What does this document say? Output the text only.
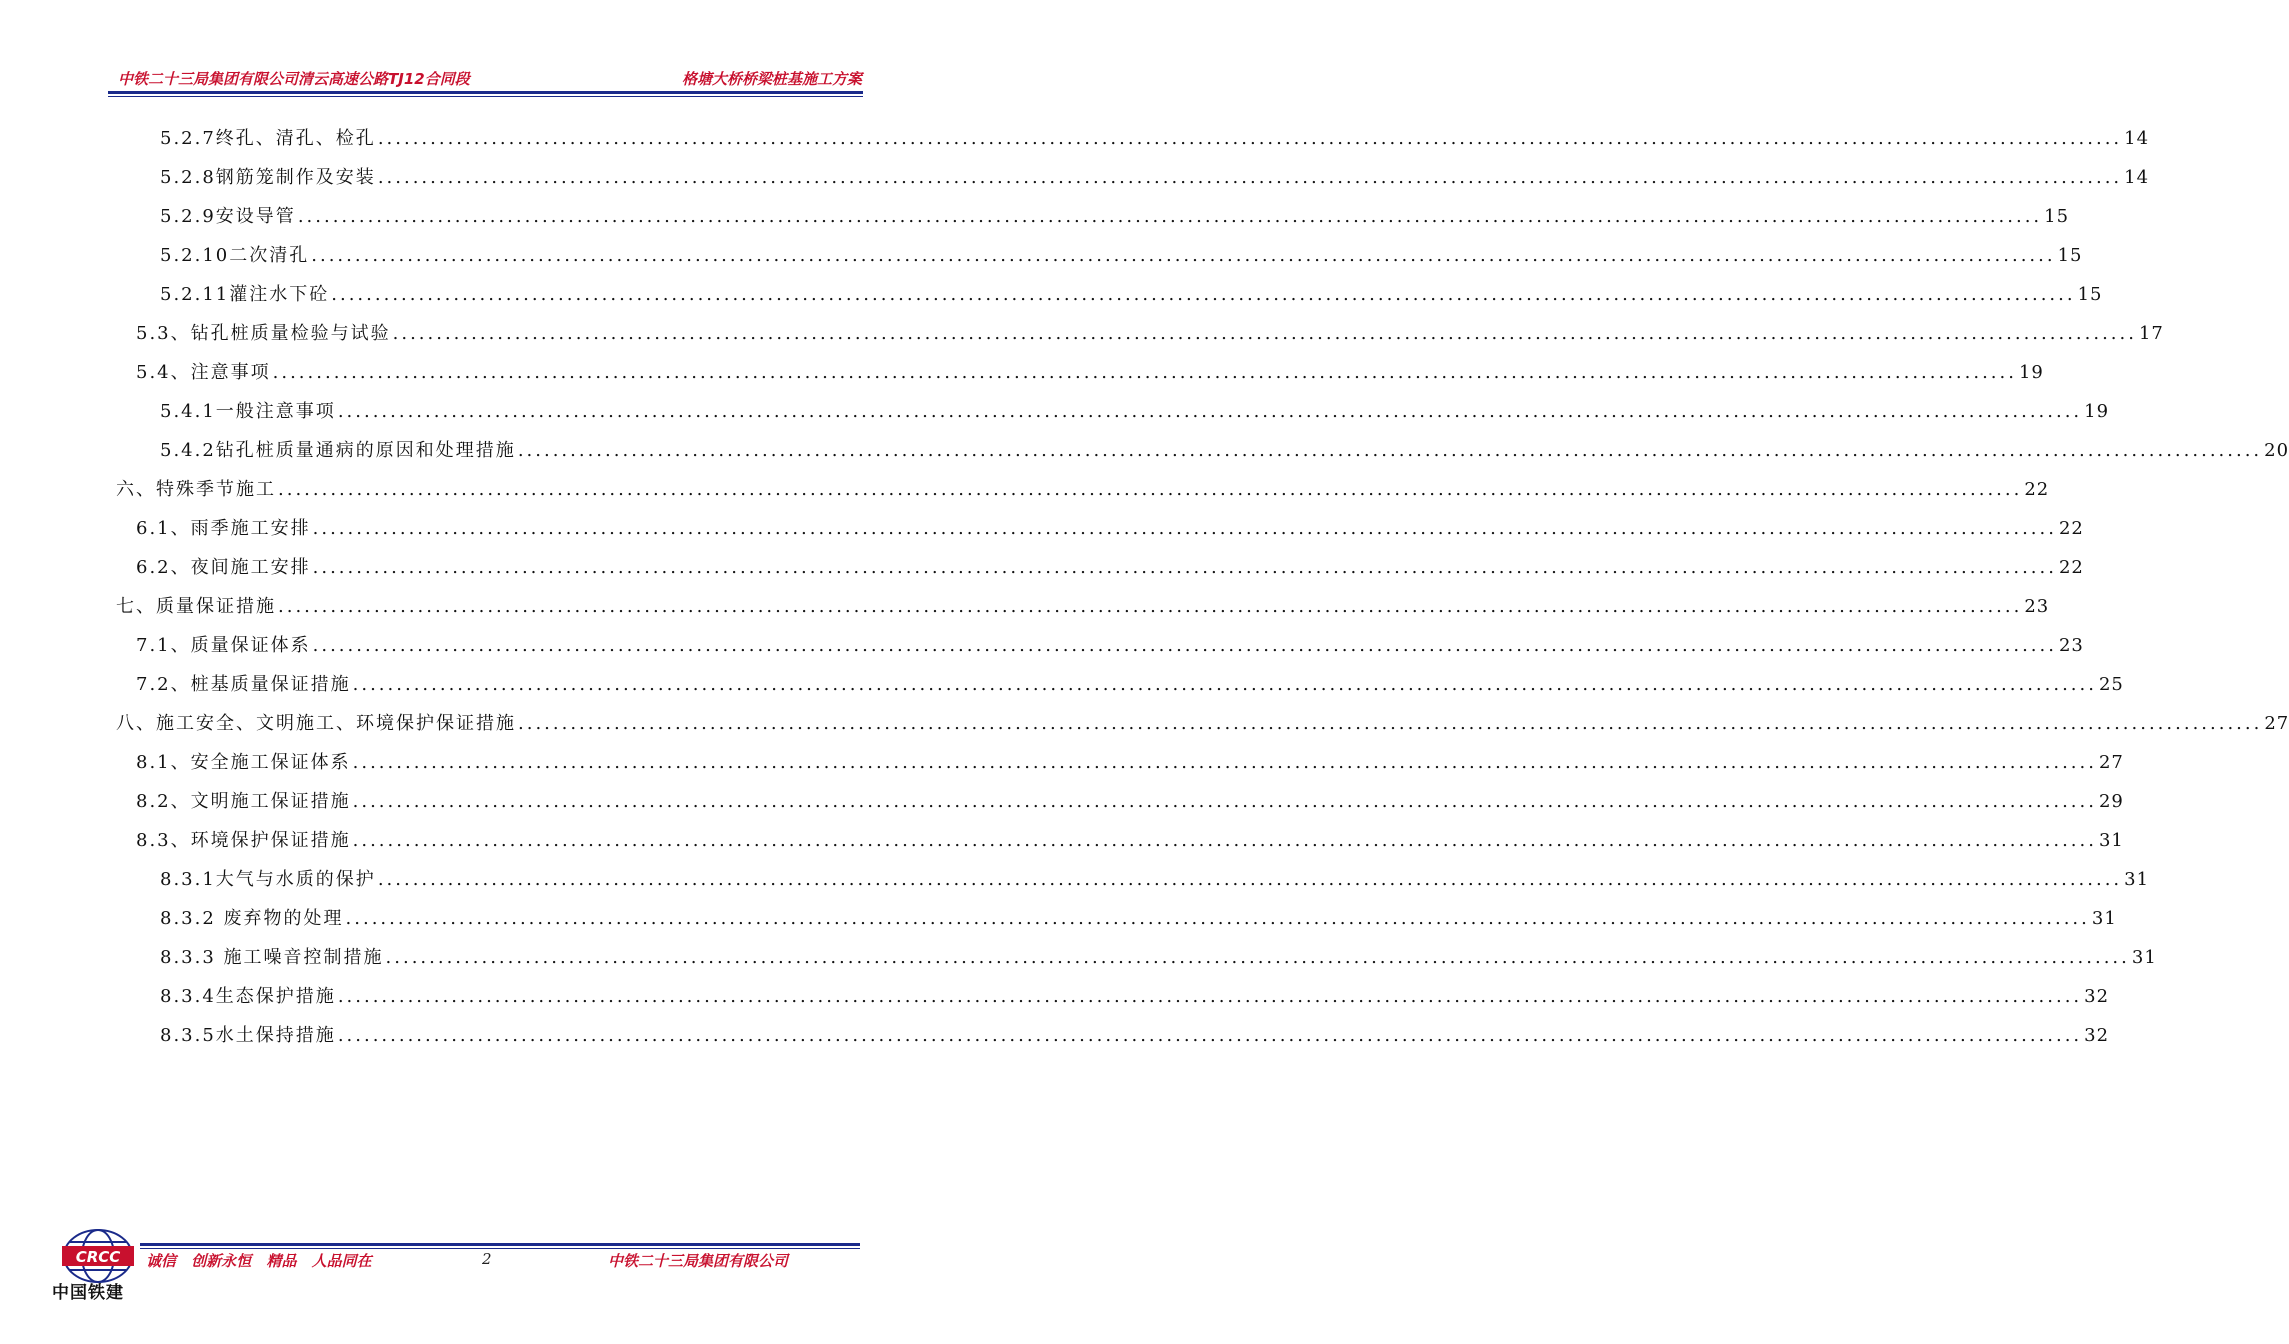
中铁二十三局集团有限公司清云高速公路TJ12合同段	格塘大桥桥梁桩基施工方案
5.2.7终孔、清孔、检孔 ........................................................................................................................................................................................................ 14
5.2.8钢筋笼制作及安装 ........................................................................................................................................................................................................ 14
5.2.9安设导管 ........................................................................................................................................................................................................ 15
5.2.10二次清孔 ........................................................................................................................................................................................................ 15
5.2.11灌注水下砼 ........................................................................................................................................................................................................ 15
5.3、钻孔桩质量检验与试验 ........................................................................................................................................................................................................ 17
5.4、注意事项 ........................................................................................................................................................................................................ 19
5.4.1一般注意事项 ........................................................................................................................................................................................................ 19
5.4.2钻孔桩质量通病的原因和处理措施 ........................................................................................................................................................................................................ 20
六、特殊季节施工 ........................................................................................................................................................................................................ 22
6.1、雨季施工安排 ........................................................................................................................................................................................................ 22
6.2、夜间施工安排 ........................................................................................................................................................................................................ 22
七、质量保证措施 ........................................................................................................................................................................................................ 23
7.1、质量保证体系 ........................................................................................................................................................................................................ 23
7.2、桩基质量保证措施 ........................................................................................................................................................................................................ 25
八、施工安全、文明施工、环境保护保证措施 ........................................................................................................................................................................................................ 27
8.1、安全施工保证体系 ........................................................................................................................................................................................................ 27
8.2、文明施工保证措施 ........................................................................................................................................................................................................ 29
8.3、环境保护保证措施 ........................................................................................................................................................................................................ 31
8.3.1大气与水质的保护 ........................................................................................................................................................................................................ 31
8.3.2 废弃物的处理 ........................................................................................................................................................................................................ 31
8.3.3 施工噪音控制措施 ........................................................................................................................................................................................................ 31
8.3.4生态保护措施 ........................................................................................................................................................................................................ 32
8.3.5水土保持措施 ........................................................................................................................................................................................................ 32
CRCC
中国铁建
诚信 创新永恒 精品 人品同在	2	中铁二十三局集团有限公司
